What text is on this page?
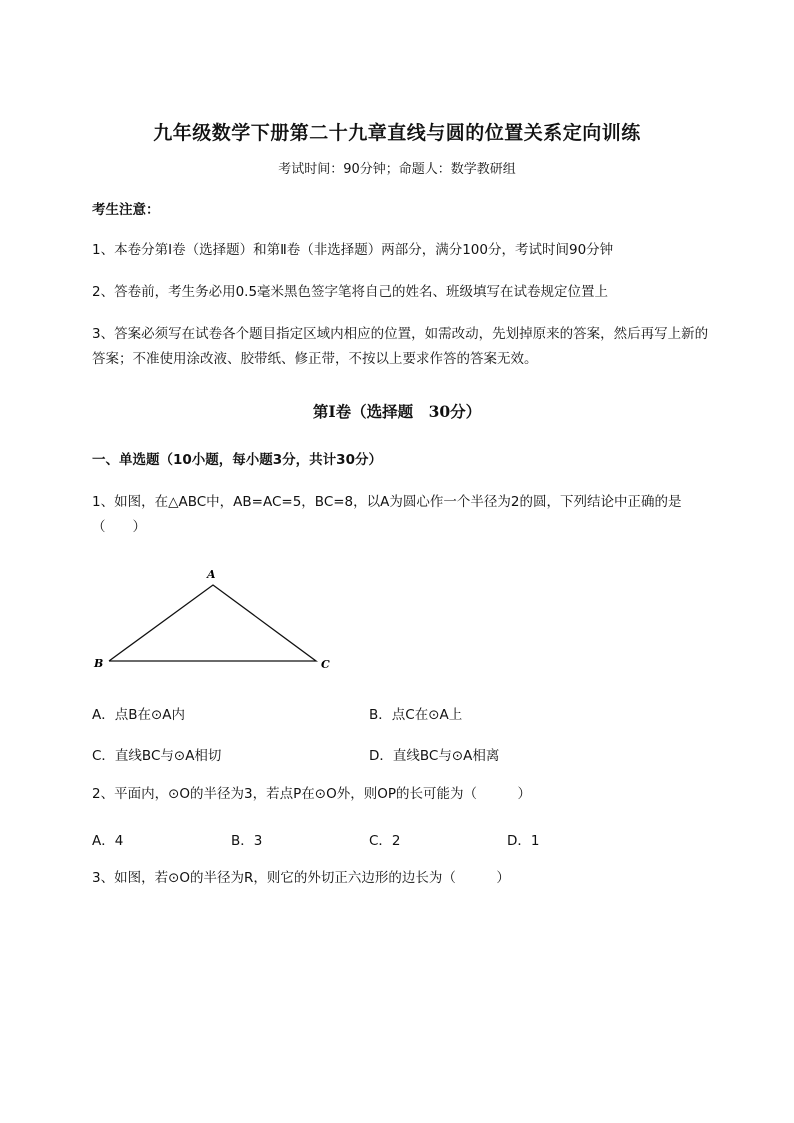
九年级数学下册第二十九章直线与圆的位置关系定向训练
考试时间：90分钟；命题人：数学教研组
考生注意：
1、本卷分第I卷（选择题）和第Ⅱ卷（非选择题）两部分，满分100分，考试时间90分钟
2、答卷前，考生务必用0.5毫米黑色签字笔将自己的姓名、班级填写在试卷规定位置上
3、答案必须写在试卷各个题目指定区域内相应的位置，如需改动，先划掉原来的答案，然后再写上新的答案；不准使用涂改液、胶带纸、修正带，不按以上要求作答的答案无效。
第I卷（选择题　30分）
一、单选题（10小题，每小题3分，共计30分）
1、如图，在△ABC中，AB=AC=5，BC=8，以A为圆心作一个半径为2的圆，下列结论中正确的是（　　）
A
B	C
A．点B在⊙A内	B．点C在⊙A上
C．直线BC与⊙A相切	D．直线BC与⊙A相离
2、平面内，⊙O的半径为3，若点P在⊙O外，则OP的长可能为（　　　）
A．4	B．3	C．2	D．1
3、如图，若⊙O的半径为R，则它的外切正六边形的边长为（　　　）
